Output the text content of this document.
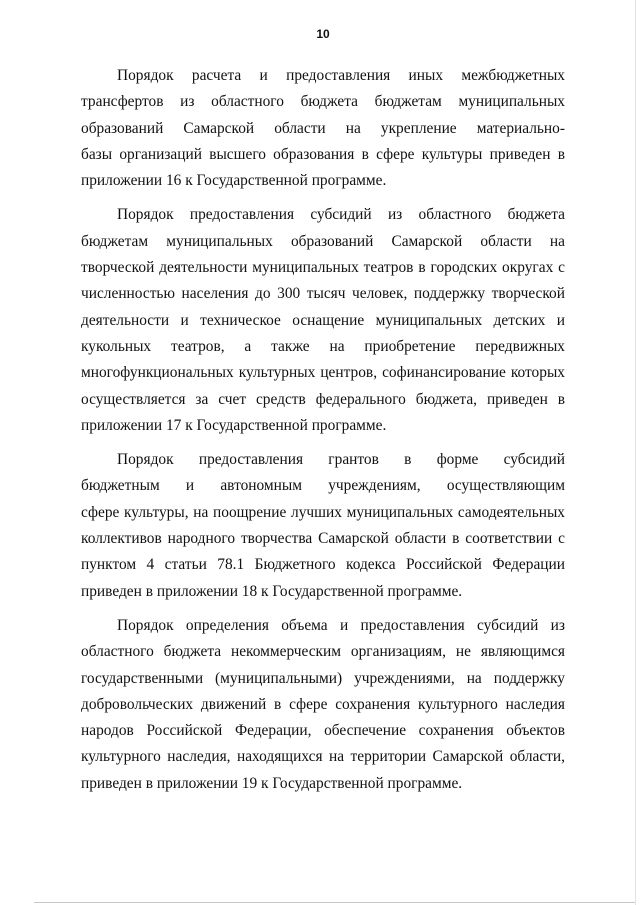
10

Порядок расчета и предоставления иных межбюджетных
трансфертов из областного бюджета бюджетам муниципальных
образований Самарской области на укрепление материально-
базы организаций высшего образования в сфере культуры приведен в
приложении 16 к Государственной программе.

Порядок предоставления субсидий из областного бюджета
бюджетам муниципальных образований Самарской области на
творческой деятельности муниципальных театров в городских округах с
численностью населения до 300 тысяч человек, поддержку творческой
деятельности и техническое оснащение муниципальных детских и
кукольных театров, а также на приобретение передвижных
многофункциональных культурных центров, софинансирование которых
осуществляется за счет средств федерального бюджета, приведен в
приложении 17 к Государственной программе.

Порядок предоставления грантов в форме субсидий
бюджетным и автономным учреждениям, осуществляющим
сфере культуры, на поощрение лучших муниципальных самодеятельных
коллективов народного творчества Самарской области в соответствии с
пунктом 4 статьи 78.1 Бюджетного кодекса Российской Федерации
приведен в приложении 18 к Государственной программе.

Порядок определения объема и предоставления субсидий из
областного бюджета некоммерческим организациям, не являющимся
государственными (муниципальными) учреждениями, на поддержку
добровольческих движений в сфере сохранения культурного наследия
народов Российской Федерации, обеспечение сохранения объектов
культурного наследия, находящихся на территории Самарской области,
приведен в приложении 19 к Государственной программе.
